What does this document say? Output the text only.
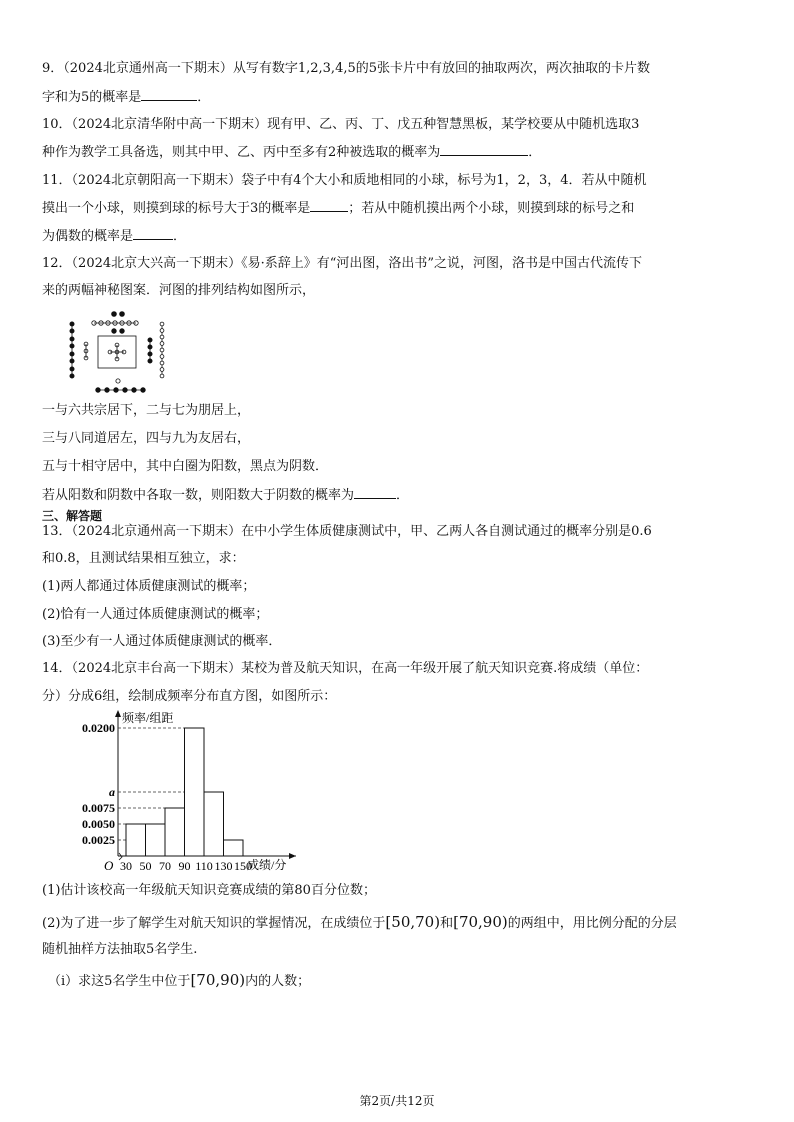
9．（2024北京通州高一下期末）从写有数字1,2,3,4,5的5张卡片中有放回的抽取两次，两次抽取的卡片数
字和为5的概率是	．
10．（2024北京清华附中高一下期末）现有甲、乙、丙、丁、戊五种智慧黑板，某学校要从中随机选取3
种作为教学工具备选，则其中甲、乙、丙中至多有2种被选取的概率为	．
11．（2024北京朝阳高一下期末）袋子中有4个大小和质地相同的小球，标号为1，2，3，4．若从中随机
摸出一个小球，则摸到球的标号大于3的概率是	；若从中随机摸出两个小球，则摸到球的标号之和
为偶数的概率是	．
12．（2024北京大兴高一下期末）《易·系辞上》有“河出图，洛出书”之说，河图，洛书是中国古代流传下
来的两幅神秘图案．河图的排列结构如图所示，
一与六共宗居下，二与七为朋居上，
三与八同道居左，四与九为友居右，
五与十相守居中，其中白圈为阳数，黑点为阴数．
若从阳数和阴数中各取一数，则阳数大于阴数的概率为	．
三、解答题
13．（2024北京通州高一下期末）在中小学生体质健康测试中，甲、乙两人各自测试通过的概率分别是0.6
和0.8，且测试结果相互独立，求：
(1)两人都通过体质健康测试的概率；
(2)恰有一人通过体质健康测试的概率；
(3)至少有一人通过体质健康测试的概率．
14．（2024北京丰台高一下期末）某校为普及航天知识，在高一年级开展了航天知识竞赛.将成绩（单位：
分）分成6组，绘制成频率分布直方图，如图所示：
频率/组距
O	成绩/分
0.0025
0.0050
0.0075
a
0.0200
30 50 70 90 110 130 150
(1)估计该校高一年级航天知识竞赛成绩的第80百分位数；
(2)为了进一步了解学生对航天知识的掌握情况，在成绩位于[50,70)和[70,90)的两组中，用比例分配的分层
随机抽样方法抽取5名学生.
（i）求这5名学生中位于[70,90)内的人数；
第2页/共12页
